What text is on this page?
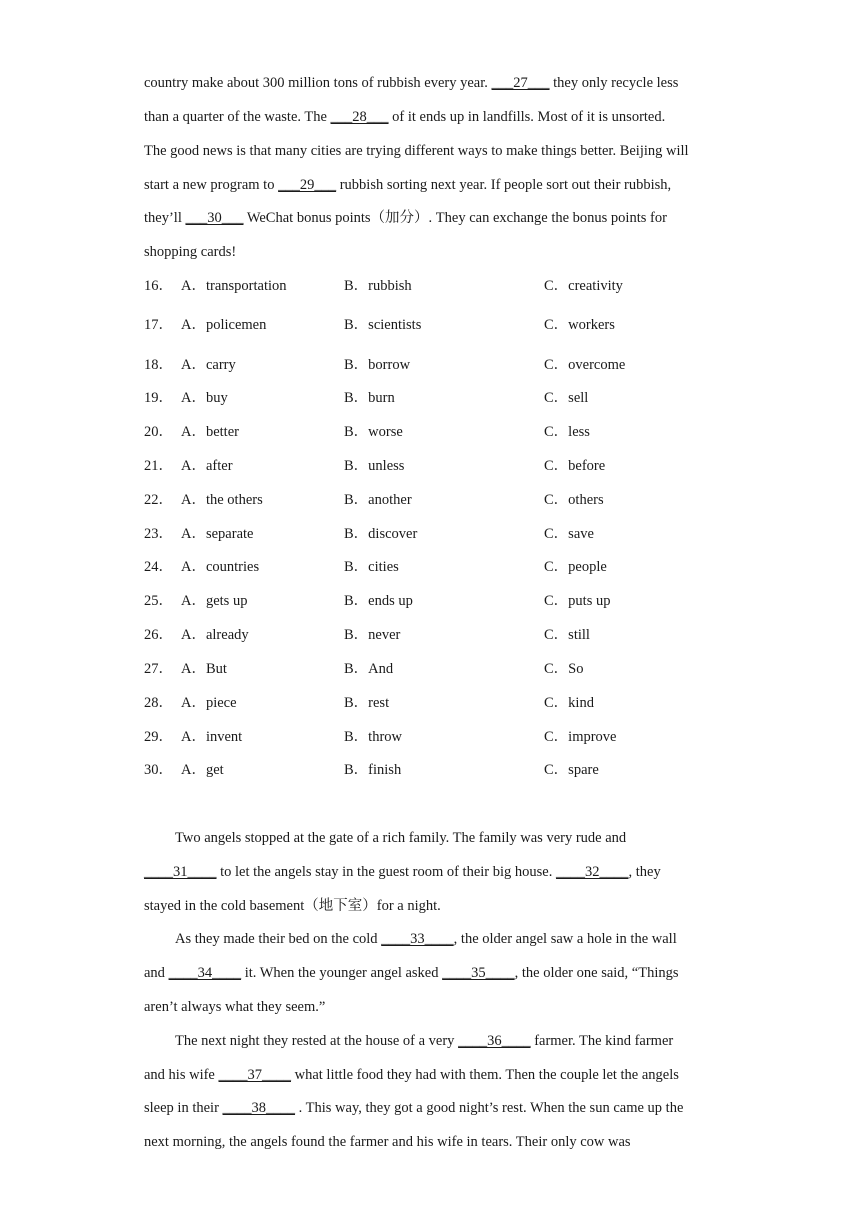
country make about 300 million tons of rubbish every year. ___27___ they only recycle less
than a quarter of the waste. The ___28___ of it ends up in landfills. Most of it is unsorted.
The good news is that many cities are trying different ways to make things better. Beijing will
start a new program to ___29___ rubbish sorting next year. If people sort out their rubbish,
they’ll ___30___ WeChat bonus points（加分）. They can exchange the bonus points for
shopping cards!
16． A．transportation	B．rubbish	C．creativity
17． A．policemen	B．scientists	C．workers
18． A．carry	B．borrow	C．overcome
19． A．buy	B．burn	C．sell
20． A．better	B．worse	C．less
21． A．after	B．unless	C．before
22． A．the others	B．another	C．others
23． A．separate	B．discover	C．save
24． A．countries	B．cities	C．people
25． A．gets up	B．ends up	C．puts up
26． A．already	B．never	C．still
27． A．But	B．And	C．So
28． A．piece	B．rest	C．kind
29． A．invent	B．throw	C．improve
30． A．get	B．finish	C．spare
Two angels stopped at the gate of a rich family. The family was very rude and
____31____ to let the angels stay in the guest room of their big house. ____32____, they
stayed in the cold basement（地下室）for a night.
As they made their bed on the cold ____33____, the older angel saw a hole in the wall
and ____34____ it. When the younger angel asked ____35____, the older one said, “Things
aren’t always what they seem.”
The next night they rested at the house of a very ____36____ farmer. The kind farmer
and his wife ____37____ what little food they had with them. Then the couple let the angels
sleep in their ____38____ . This way, they got a good night’s rest. When the sun came up the
next morning, the angels found the farmer and his wife in tears. Their only cow was
